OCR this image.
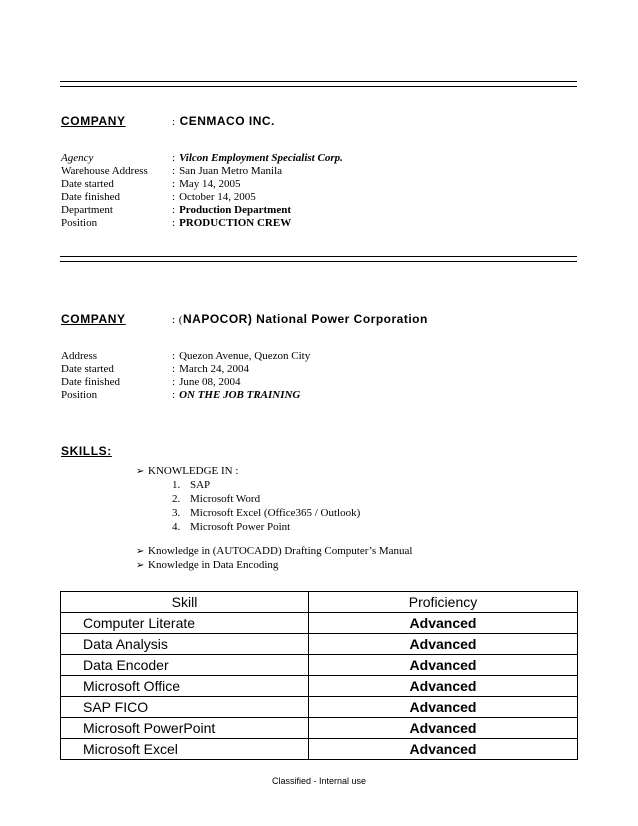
COMPANY	: CENMACO INC.
Agency	: Vilcon Employment Specialist Corp.
Warehouse Address : San Juan Metro Manila
Date started	: May 14, 2005
Date finished	: October 14, 2005
Department	: Production Department
Position	: PRODUCTION CREW
COMPANY	: (NAPOCOR) National Power Corporation
Address	: Quezon Avenue, Quezon City
Date started	: March 24, 2004
Date finished	: June 08, 2004
Position	: ON THE JOB TRAINING
SKILLS:
➢ KNOWLEDGE IN :
1. SAP
2. Microsoft Word
3. Microsoft Excel (Office365 / Outlook)
4. Microsoft Power Point
➢ Knowledge in (AUTOCADD) Drafting Computer’s Manual
➢ Knowledge in Data Encoding
Skill	Proficiency
Computer Literate	Advanced
Data Analysis	Advanced
Data Encoder	Advanced
Microsoft Office	Advanced
SAP FICO	Advanced
Microsoft PowerPoint	Advanced
Microsoft Excel	Advanced
Classified - Internal use
